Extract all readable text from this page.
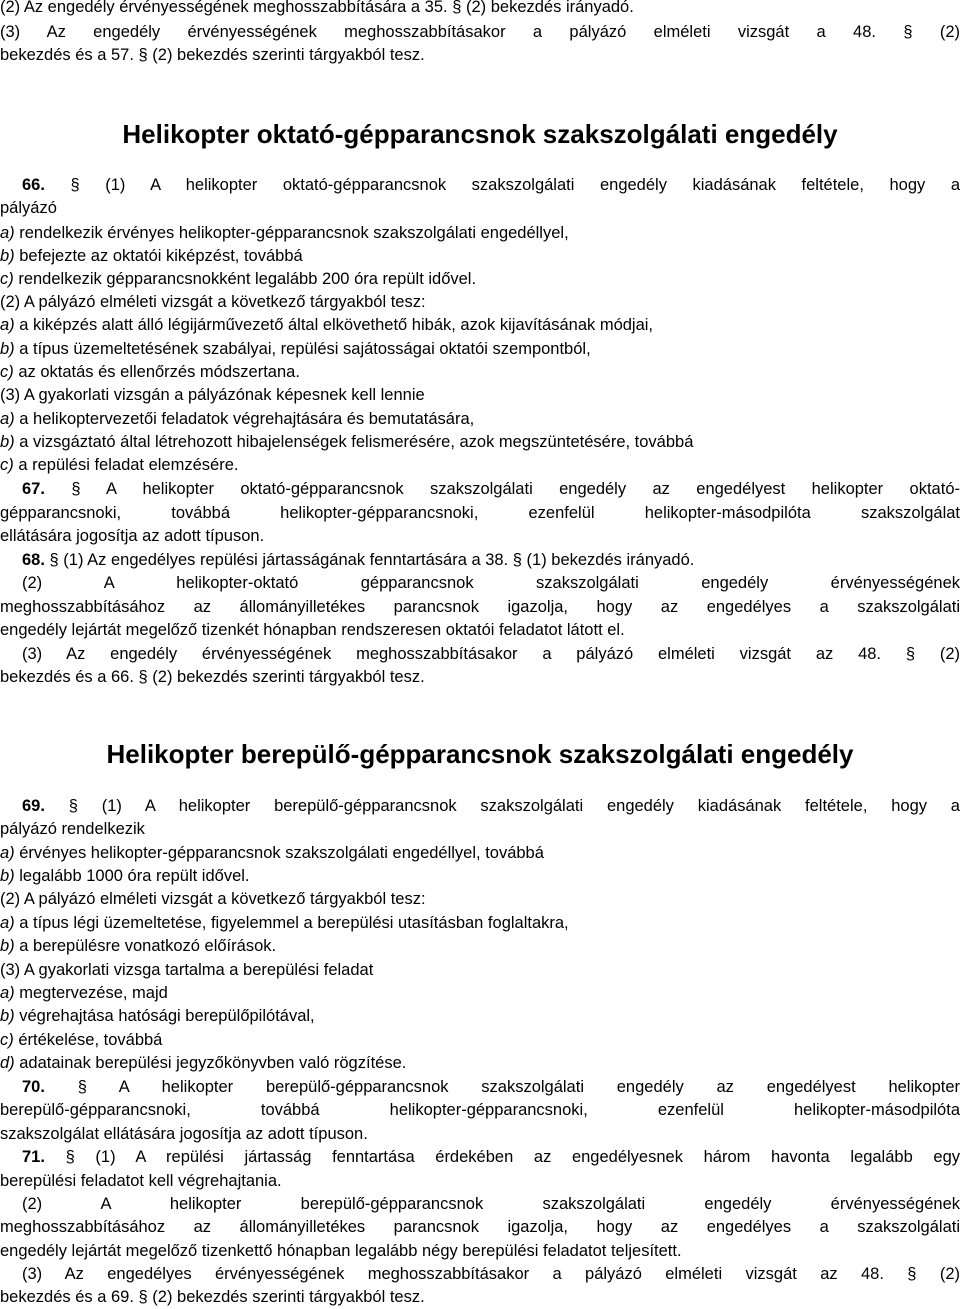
(2) Az engedély érvényességének meghosszabbítására a 35. § (2) bekezdés irányadó.

(3) Az engedély érvényességének meghosszabbításakor a pályázó elméleti vizsgát a 48. § (2)

bekezdés és a 57. § (2) bekezdés szerinti tárgyakból tesz.

Helikopter oktató-gépparancsnok szakszolgálati engedély

66. § (1) A helikopter oktató-gépparancsnok szakszolgálati engedély kiadásának feltétele, hogy a

pályázó

a) rendelkezik érvényes helikopter-gépparancsnok szakszolgálati engedéllyel,

b) befejezte az oktatói kiképzést, továbbá

c) rendelkezik gépparancsnokként legalább 200 óra repült idővel.

(2) A pályázó elméleti vizsgát a következő tárgyakból tesz:

a) a kiképzés alatt álló légijárművezető által elkövethető hibák, azok kijavításának módjai,

b) a típus üzemeltetésének szabályai, repülési sajátosságai oktatói szempontból,

c) az oktatás és ellenőrzés módszertana.

(3) A gyakorlati vizsgán a pályázónak képesnek kell lennie

a) a helikoptervezetői feladatok végrehajtására és bemutatására,

b) a vizsgáztató által létrehozott hibajelenségek felismerésére, azok megszüntetésére, továbbá

c) a repülési feladat elemzésére.

67. § A helikopter oktató-gépparancsnok szakszolgálati engedély az engedélyest helikopter oktató-

gépparancsnoki, továbbá helikopter-gépparancsnoki, ezenfelül helikopter-másodpilóta szakszolgálat

ellátására jogosítja az adott típuson.

68. § (1) Az engedélyes repülési jártasságának fenntartására a 38. § (1) bekezdés irányadó.

(2) A helikopter-oktató gépparancsnok szakszolgálati engedély érvényességének

meghosszabbításához az állományilletékes parancsnok igazolja, hogy az engedélyes a szakszolgálati

engedély lejártát megelőző tizenkét hónapban rendszeresen oktatói feladatot látott el.

(3) Az engedély érvényességének meghosszabbításakor a pályázó elméleti vizsgát az 48. § (2)

bekezdés és a 66. § (2) bekezdés szerinti tárgyakból tesz.

Helikopter berepülő-gépparancsnok szakszolgálati engedély

69. § (1) A helikopter berepülő-gépparancsnok szakszolgálati engedély kiadásának feltétele, hogy a

pályázó rendelkezik

a) érvényes helikopter-gépparancsnok szakszolgálati engedéllyel, továbbá

b) legalább 1000 óra repült idővel.

(2) A pályázó elméleti vizsgát a következő tárgyakból tesz:

a) a típus légi üzemeltetése, figyelemmel a berepülési utasításban foglaltakra,

b) a berepülésre vonatkozó előírások.

(3) A gyakorlati vizsga tartalma a berepülési feladat

a) megtervezése, majd

b) végrehajtása hatósági berepülőpilótával,

c) értékelése, továbbá

d) adatainak berepülési jegyzőkönyvben való rögzítése.

70. § A helikopter berepülő-gépparancsnok szakszolgálati engedély az engedélyest helikopter

berepülő-gépparancsnoki, továbbá helikopter-gépparancsnoki, ezenfelül helikopter-másodpilóta

szakszolgálat ellátására jogosítja az adott típuson.

71. § (1) A repülési jártasság fenntartása érdekében az engedélyesnek három havonta legalább egy

berepülési feladatot kell végrehajtania.

(2) A helikopter berepülő-gépparancsnok szakszolgálati engedély érvényességének

meghosszabbításához az állományilletékes parancsnok igazolja, hogy az engedélyes a szakszolgálati

engedély lejártát megelőző tizenkettő hónapban legalább négy berepülési feladatot teljesített.

(3) Az engedélyes érvényességének meghosszabbításakor a pályázó elméleti vizsgát az 48. § (2)

bekezdés és a 69. § (2) bekezdés szerinti tárgyakból tesz.
